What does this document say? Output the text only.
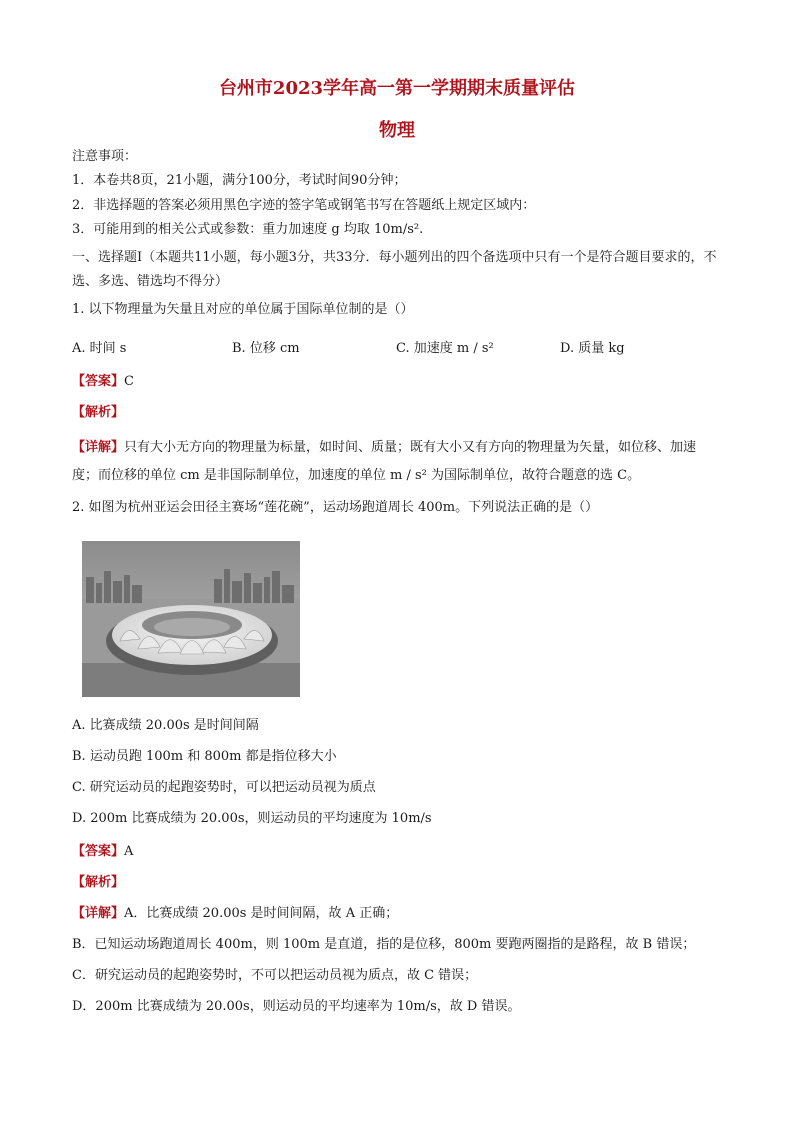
台州市2023学年高一第一学期期末质量评估
物理
注意事项：
1．本卷共8页，21小题，满分100分，考试时间90分钟；
2．非选择题的答案必须用黑色字迹的签字笔或钢笔书写在答题纸上规定区域内：
3．可能用到的相关公式或参数：重力加速度 g 均取 10m/s².
一、选择题Ⅰ（本题共11小题，每小题3分，共33分．每小题列出的四个备选项中只有一个是符合题目要求的，不选、多选、错选均不得分）
1. 以下物理量为矢量且对应的单位属于国际单位制的是（）
A. 时间 s	B. 位移 cm	C. 加速度 m / s²	D. 质量 kg
【答案】C
【解析】
【详解】只有大小无方向的物理量为标量，如时间、质量；既有大小又有方向的物理量为矢量，如位移、加速度；而位移的单位 cm 是非国际制单位，加速度的单位 m / s² 为国际制单位，故符合题意的选 C。
2. 如图为杭州亚运会田径主赛场“莲花碗”，运动场跑道周长 400m。下列说法正确的是（）
A. 比赛成绩 20.00s 是时间间隔
B. 运动员跑 100m 和 800m 都是指位移大小
C. 研究运动员的起跑姿势时，可以把运动员视为质点
D. 200m 比赛成绩为 20.00s，则运动员的平均速度为 10m/s
【答案】A
【解析】
【详解】A．比赛成绩 20.00s 是时间间隔，故 A 正确；
B．已知运动场跑道周长 400m，则 100m 是直道，指的是位移，800m 要跑两圈指的是路程，故 B 错误；
C．研究运动员的起跑姿势时，不可以把运动员视为质点，故 C 错误；
D．200m 比赛成绩为 20.00s，则运动员的平均速率为 10m/s，故 D 错误。
